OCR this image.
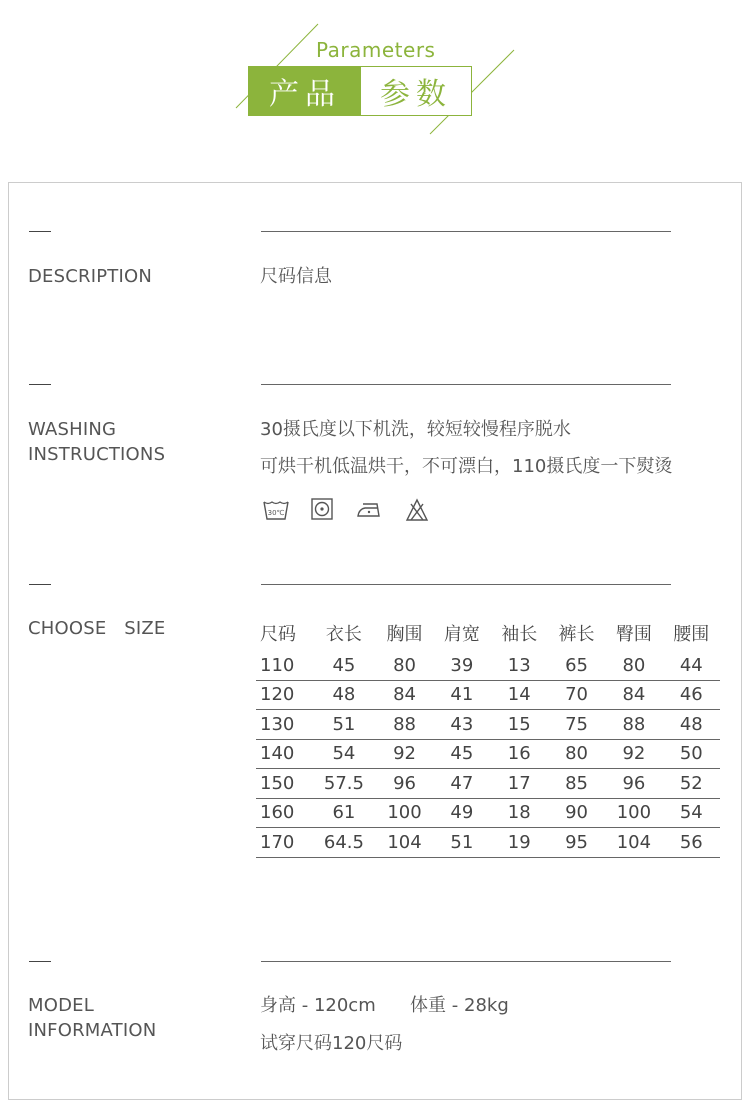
Parameters
产品	参数
DESCRIPTION	尺码信息
WASHING
INSTRUCTIONS
30摄氏度以下机洗，较短较慢程序脱水
可烘干机低温烘干，不可漂白，110摄氏度一下熨烫
30℃
CHOOSE   SIZE	尺码	衣长	胸围	肩宽	袖长	裤长	臀围	腰围
110	45	80	39	13	65	80	44
120	48	84	41	14	70	84	46
130	51	88	43	15	75	88	48
140	54	92	45	16	80	92	50
150	57.5	96	47	17	85	96	52
160	61	100	49	18	90	100	54
170	64.5	104	51	19	95	104	56
MODEL
INFORMATION
身高 - 120cm      体重 - 28kg
试穿尺码120尺码
